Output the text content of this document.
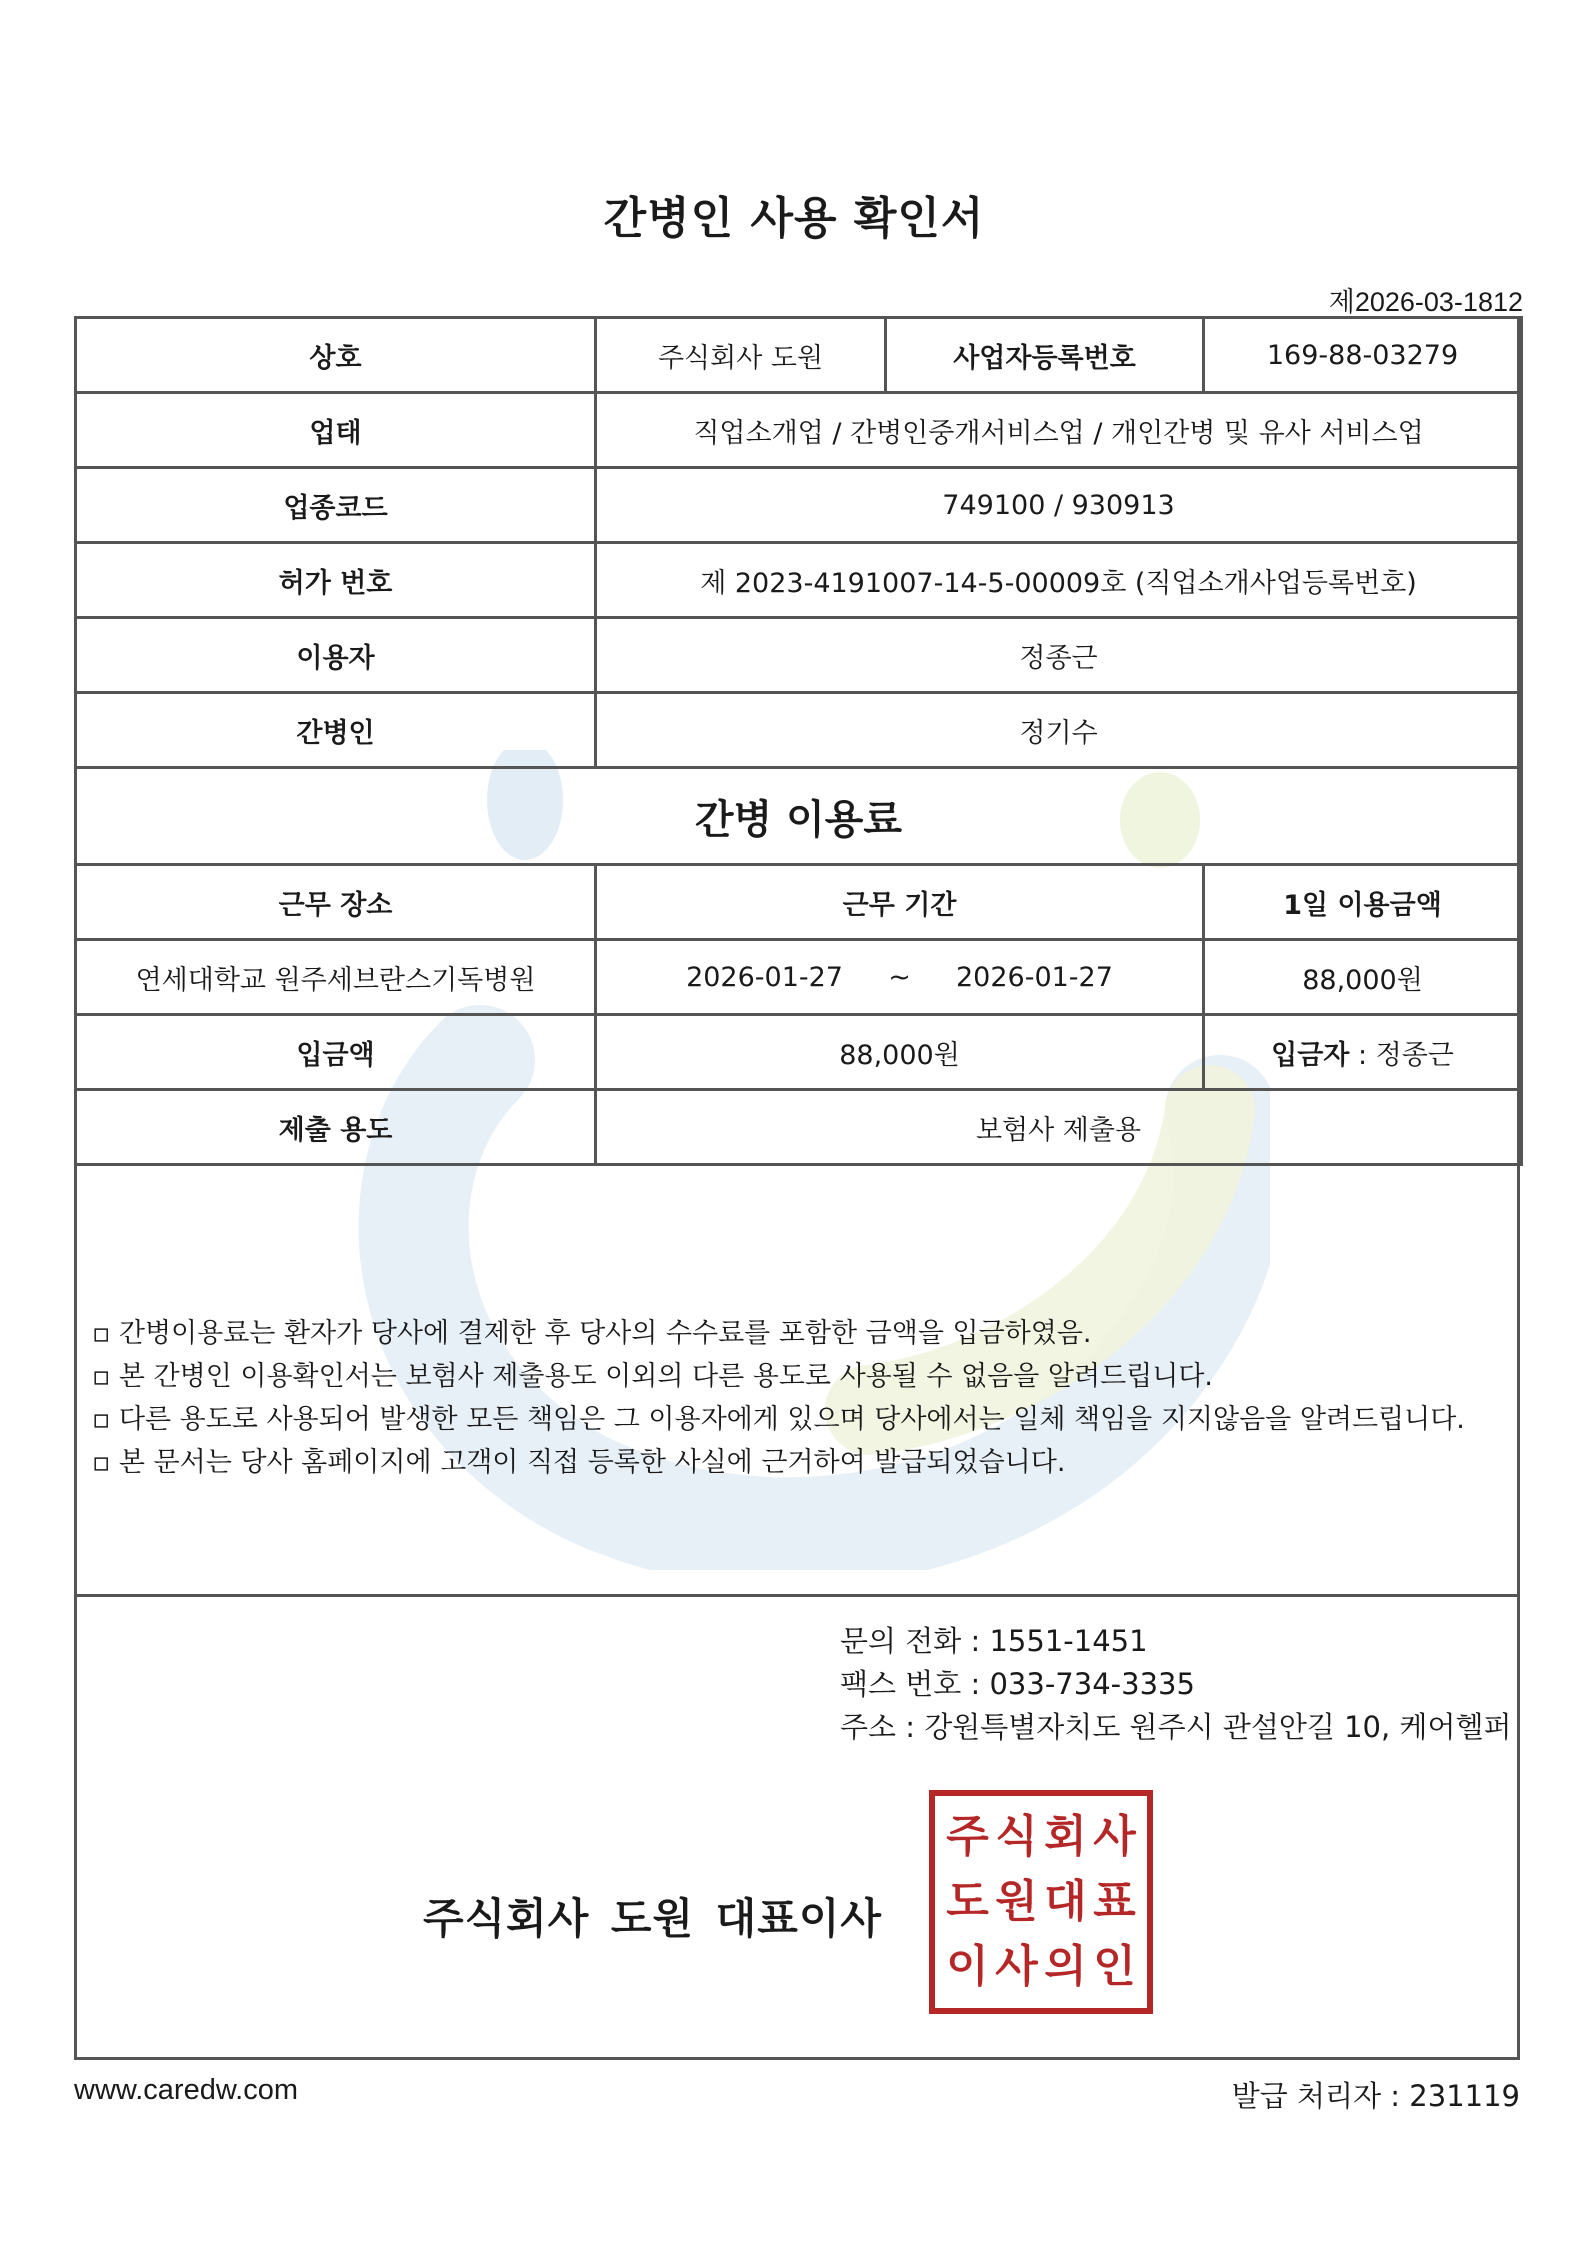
간병인 사용 확인서
제2026-03-1812
상호	주식회사 도원	사업자등록번호	169-88-03279
업태	직업소개업 / 간병인중개서비스업 / 개인간병 및 유사 서비스업		
업종코드	749100 / 930913		
허가 번호	제 2023-4191007-14-5-00009호 (직업소개사업등록번호)		
이용자	정종근		
간병인	정기수		
간병 이용료			
근무 장소	근무 기간		1일 이용금액
연세대학교 원주세브란스기독병원	2026-01-27 ~ 2026-01-27		88,000원
입금액	88,000원		입금자 : 정종근
제출 용도	보험사 제출용		
▫ 간병이용료는 환자가 당사에 결제한 후 당사의 수수료를 포함한 금액을 입금하였음.
▫ 본 간병인 이용확인서는 보험사 제출용도 이외의 다른 용도로 사용될 수 없음을 알려드립니다.
▫ 다른 용도로 사용되어 발생한 모든 책임은 그 이용자에게 있으며 당사에서는 일체 책임을 지지않음을 알려드립니다.
▫ 본 문서는 당사 홈페이지에 고객이 직접 등록한 사실에 근거하여 발급되었습니다.
문의 전화 : 1551-1451
팩스 번호 : 033-734-3335
주소 : 강원특별자치도 원주시 관설안길 10, 케어헬퍼
주식회사 도원 대표이사
주 식 회 사
도 원 대 표
이 사 의 인
www.caredw.com	발급 처리자 : 231119
